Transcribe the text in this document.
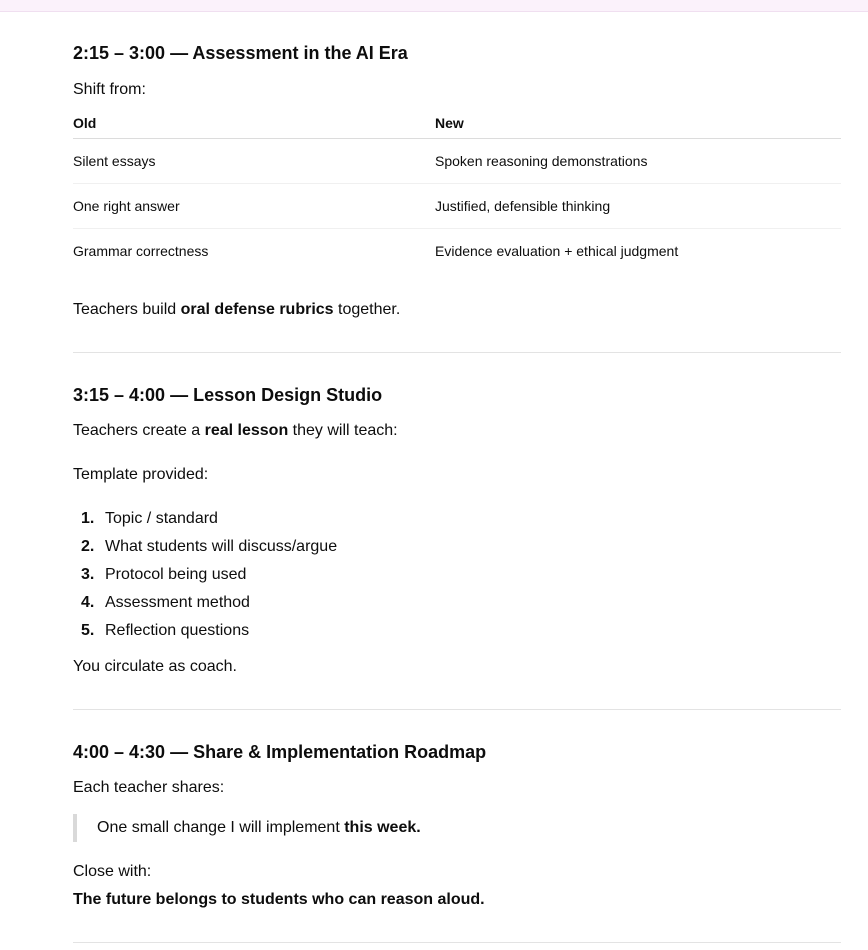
2:15 – 3:00 — Assessment in the AI Era

Shift from:

Old	New
Silent essays	Spoken reasoning demonstrations
One right answer	Justified, defensible thinking
Grammar correctness	Evidence evaluation + ethical judgment

Teachers build oral defense rubrics together.

3:15 – 4:00 — Lesson Design Studio

Teachers create a real lesson they will teach:

Template provided:

1. Topic / standard
2. What students will discuss/argue
3. Protocol being used
4. Assessment method
5. Reflection questions

You circulate as coach.

4:00 – 4:30 — Share & Implementation Roadmap

Each teacher shares:

One small change I will implement this week.

Close with:

The future belongs to students who can reason aloud.
